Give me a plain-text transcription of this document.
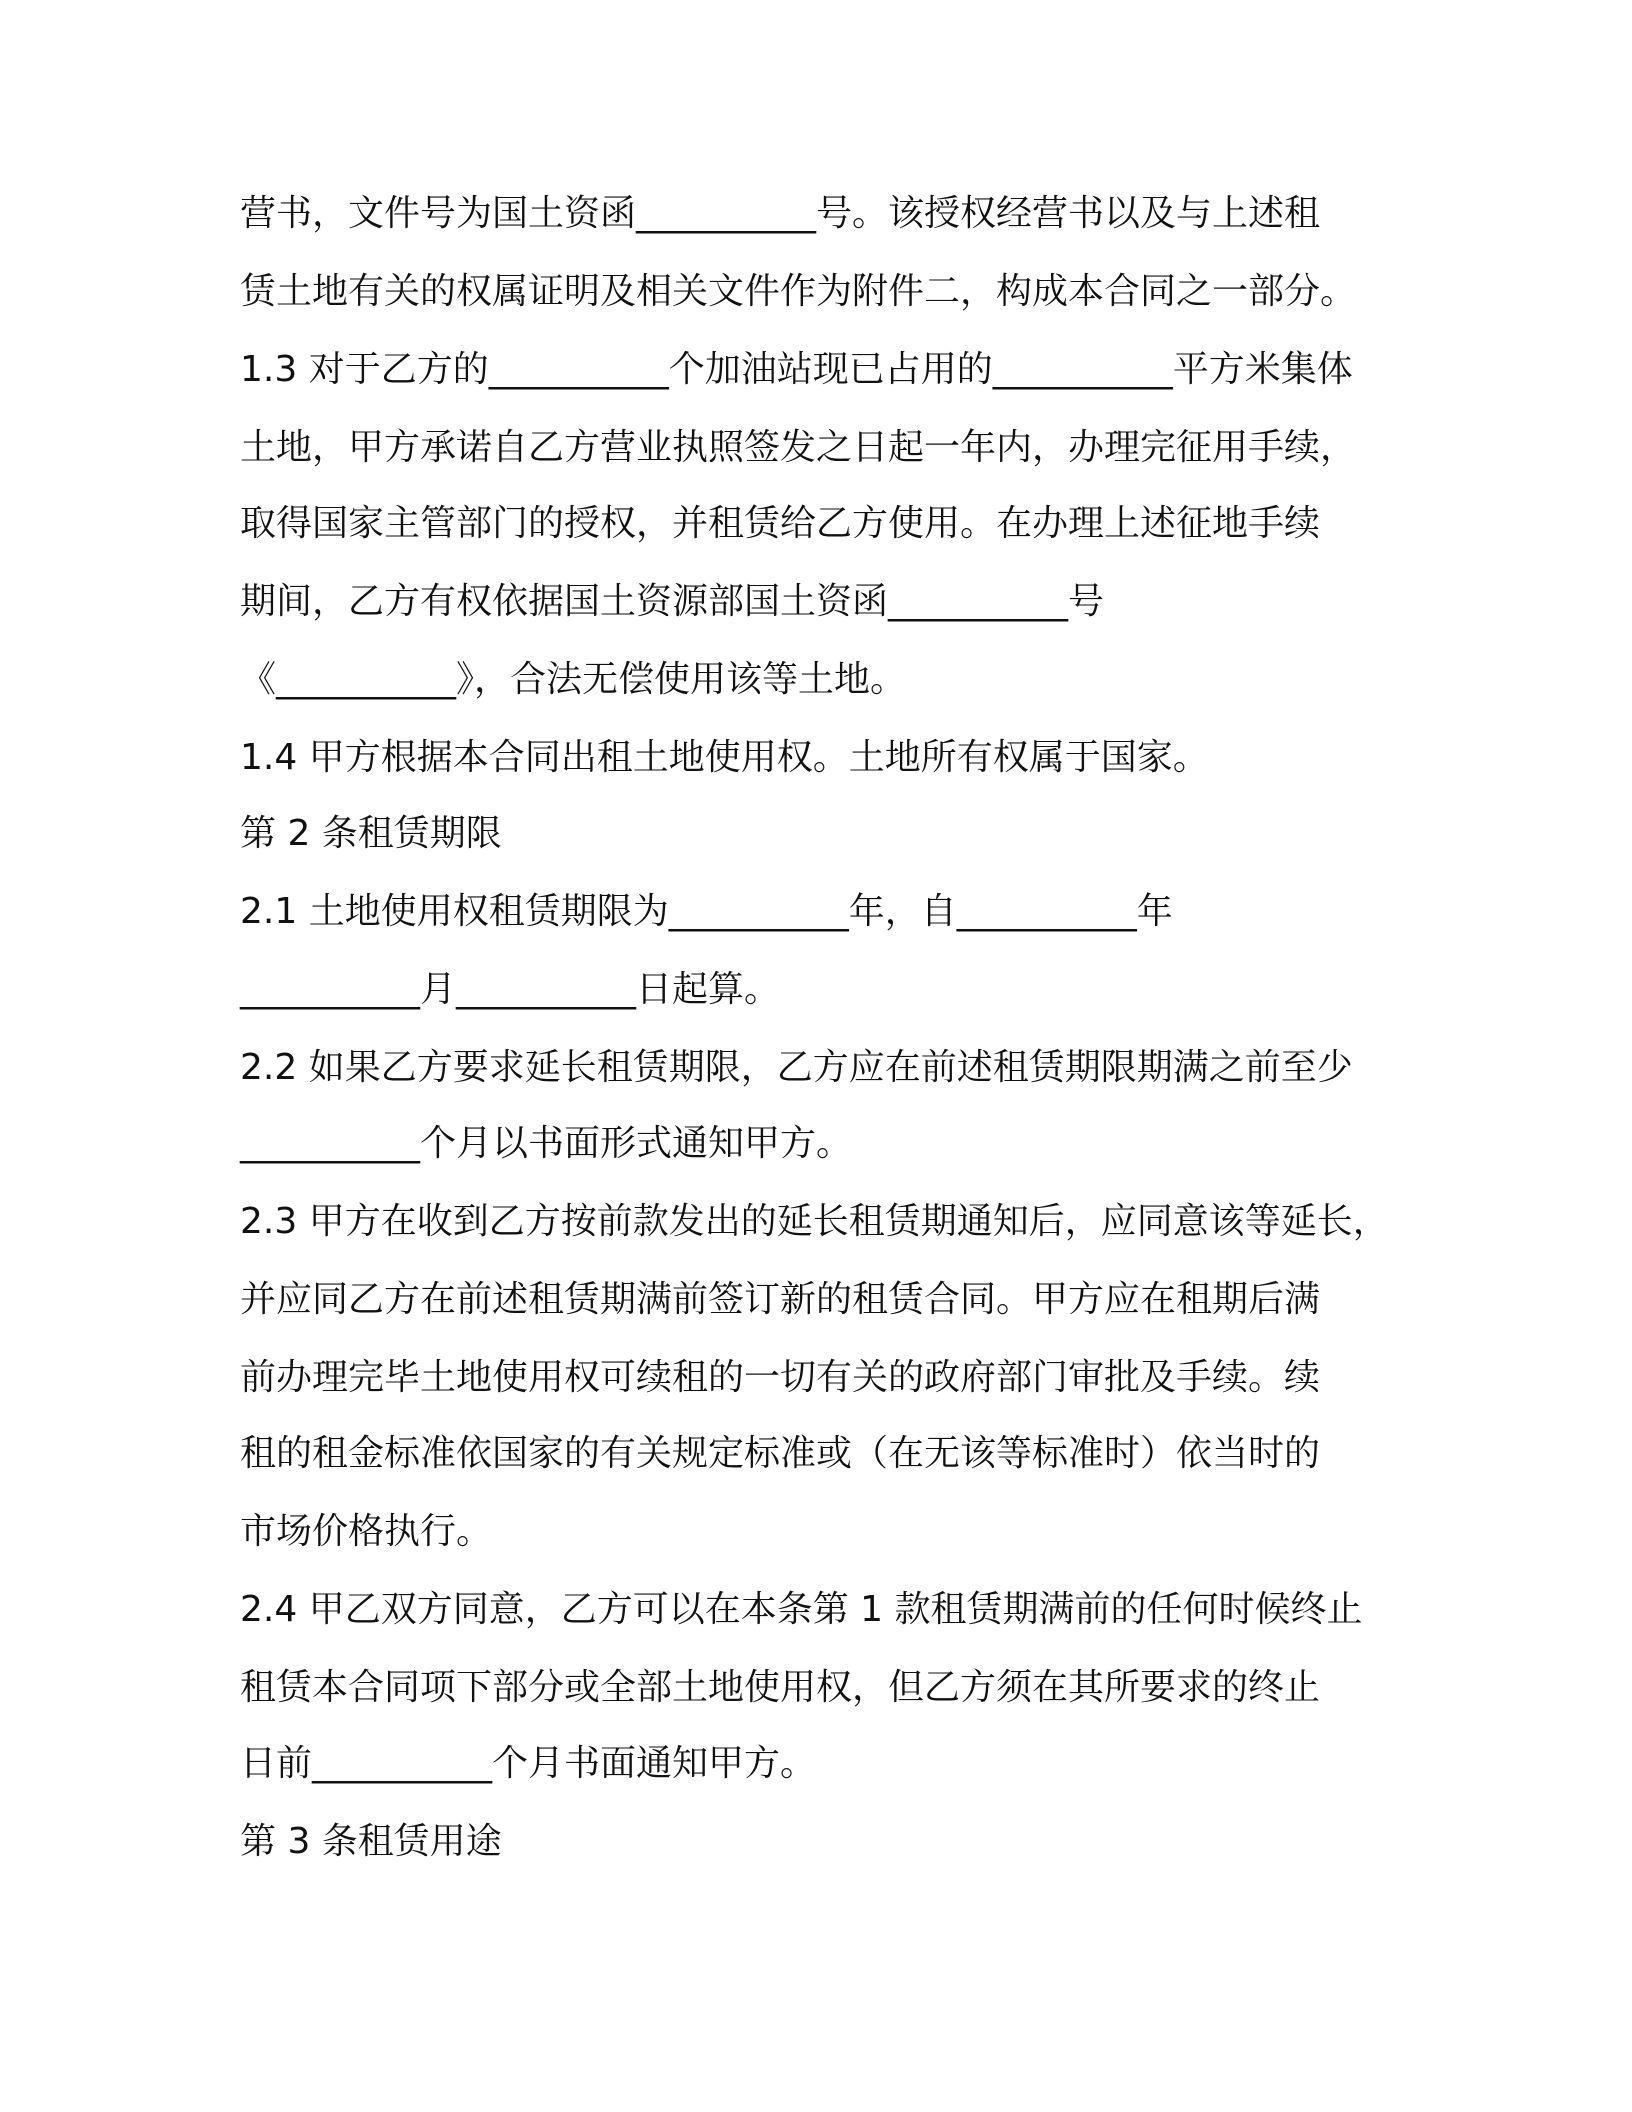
营书，文件号为国土资函__________号。该授权经营书以及与上述租
赁土地有关的权属证明及相关文件作为附件二，构成本合同之一部分。
1.3 对于乙方的__________个加油站现已占用的__________平方米集体
土地，甲方承诺自乙方营业执照签发之日起一年内，办理完征用手续，
取得国家主管部门的授权，并租赁给乙方使用。在办理上述征地手续
期间，乙方有权依据国土资源部国土资函__________号
《__________》，合法无偿使用该等土地。
1.4 甲方根据本合同出租土地使用权。土地所有权属于国家。
第 2 条租赁期限
2.1 土地使用权租赁期限为__________年，自__________年
__________月__________日起算。
2.2 如果乙方要求延长租赁期限，乙方应在前述租赁期限期满之前至少
__________个月以书面形式通知甲方。
2.3 甲方在收到乙方按前款发出的延长租赁期通知后，应同意该等延长，
并应同乙方在前述租赁期满前签订新的租赁合同。甲方应在租期后满
前办理完毕土地使用权可续租的一切有关的政府部门审批及手续。续
租的租金标准依国家的有关规定标准或（在无该等标准时）依当时的
市场价格执行。
2.4 甲乙双方同意，乙方可以在本条第 1 款租赁期满前的任何时候终止
租赁本合同项下部分或全部土地使用权，但乙方须在其所要求的终止
日前__________个月书面通知甲方。
第 3 条租赁用途
